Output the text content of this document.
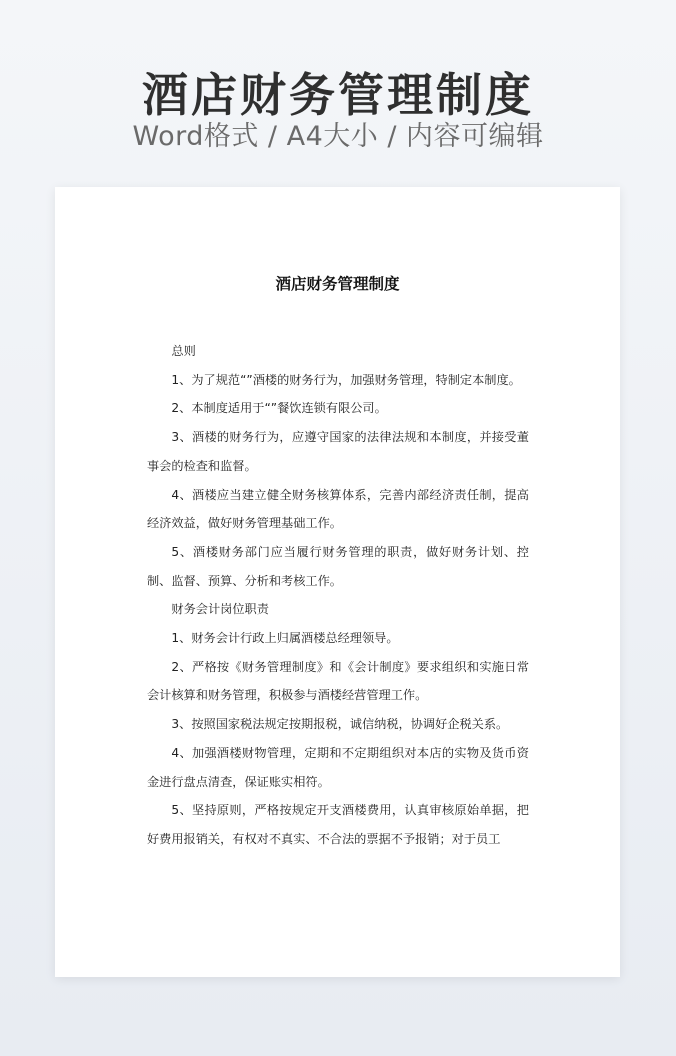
酒店财务管理制度
Word格式 / A4大小 / 内容可编辑
酒店财务管理制度

总则

1、为了规范“”酒楼的财务行为，加强财务管理，特制定本制度。

2、本制度适用于“”餐饮连锁有限公司。

3、酒楼的财务行为，应遵守国家的法律法规和本制度，并接受董事会的检查和监督。

4、酒楼应当建立健全财务核算体系，完善内部经济责任制，提高经济效益，做好财务管理基础工作。

5、酒楼财务部门应当履行财务管理的职责，做好财务计划、控制、监督、预算、分析和考核工作。

财务会计岗位职责

1、财务会计行政上归属酒楼总经理领导。

2、严格按《财务管理制度》和《会计制度》要求组织和实施日常会计核算和财务管理，积极参与酒楼经营管理工作。

3、按照国家税法规定按期报税，诚信纳税，协调好企税关系。

4、加强酒楼财物管理，定期和不定期组织对本店的实物及货币资金进行盘点清查，保证账实相符。

5、坚持原则，严格按规定开支酒楼费用，认真审核原始单据，把好费用报销关，有权对不真实、不合法的票据不予报销；对于员工
